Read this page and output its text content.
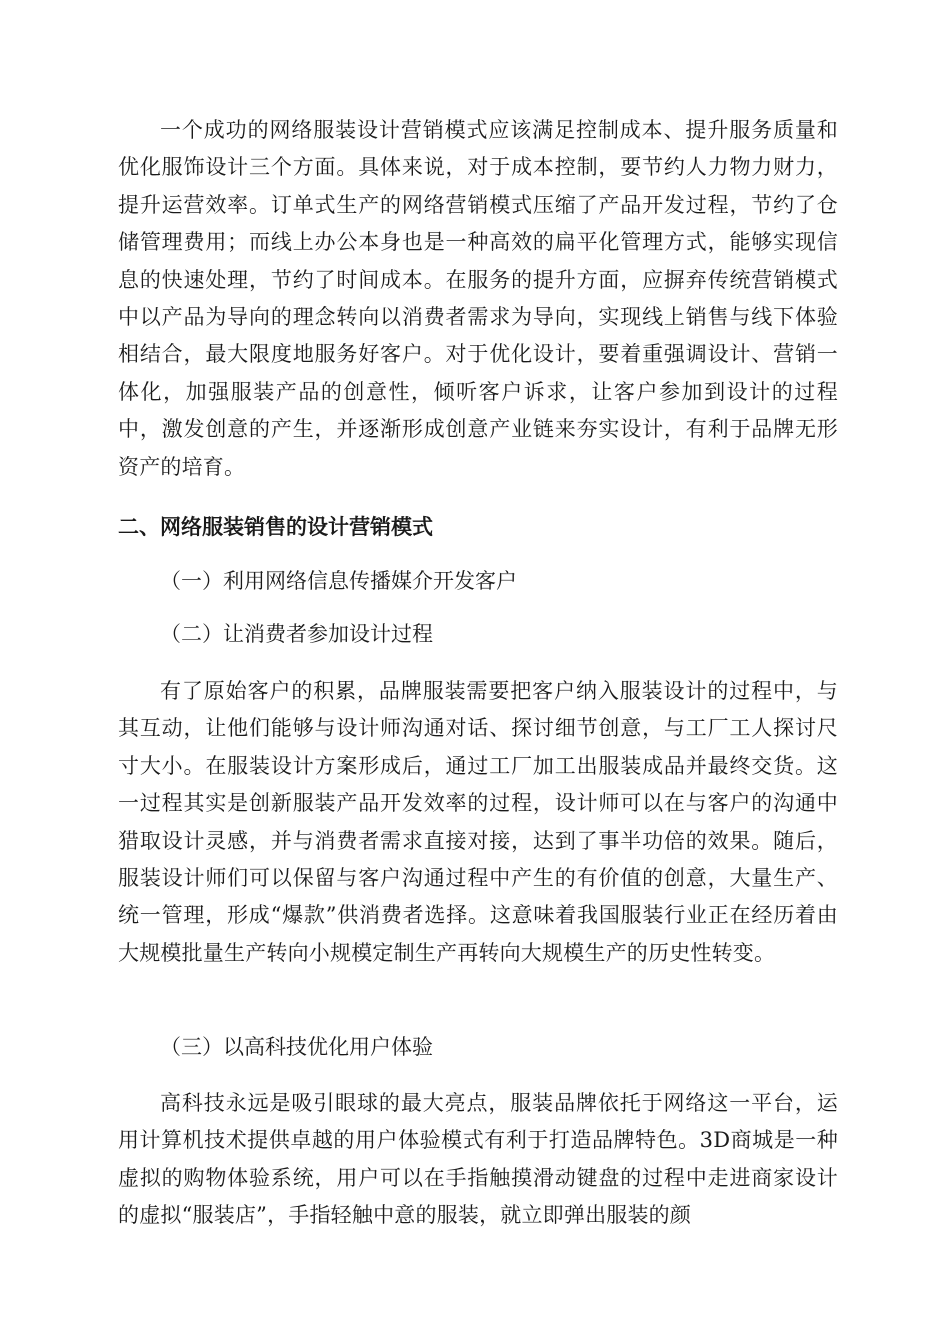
一个成功的网络服装设计营销模式应该满足控制成本、提升服务质量和优化服饰设计三个方面。具体来说，对于成本控制，要节约人力物力财力，提升运营效率。订单式生产的网络营销模式压缩了产品开发过程，节约了仓储管理费用；而线上办公本身也是一种高效的扁平化管理方式，能够实现信息的快速处理，节约了时间成本。在服务的提升方面，应摒弃传统营销模式中以产品为导向的理念转向以消费者需求为导向，实现线上销售与线下体验相结合，最大限度地服务好客户。对于优化设计，要着重强调设计、营销一体化，加强服装产品的创意性，倾听客户诉求，让客户参加到设计的过程中，激发创意的产生，并逐渐形成创意产业链来夯实设计，有利于品牌无形资产的培育。

二、网络服装销售的设计营销模式
（一）利用网络信息传播媒介开发客户
（二）让消费者参加设计过程

有了原始客户的积累，品牌服装需要把客户纳入服装设计的过程中，与其互动，让他们能够与设计师沟通对话、探讨细节创意，与工厂工人探讨尺寸大小。在服装设计方案形成后，通过工厂加工出服装成品并最终交货。这一过程其实是创新服装产品开发效率的过程，设计师可以在与客户的沟通中猎取设计灵感，并与消费者需求直接对接，达到了事半功倍的效果。随后，服装设计师们可以保留与客户沟通过程中产生的有价值的创意，大量生产、统一管理，形成“爆款”供消费者选择。这意味着我国服装行业正在经历着由大规模批量生产转向小规模定制生产再转向大规模生产的历史性转变。

（三）以高科技优化用户体验

高科技永远是吸引眼球的最大亮点，服装品牌依托于网络这一平台，运用计算机技术提供卓越的用户体验模式有利于打造品牌特色。3D商城是一种虚拟的购物体验系统，用户可以在手指触摸滑动键盘的过程中走进商家设计的虚拟“服装店”，手指轻触中意的服装，就立即弹出服装的颜
